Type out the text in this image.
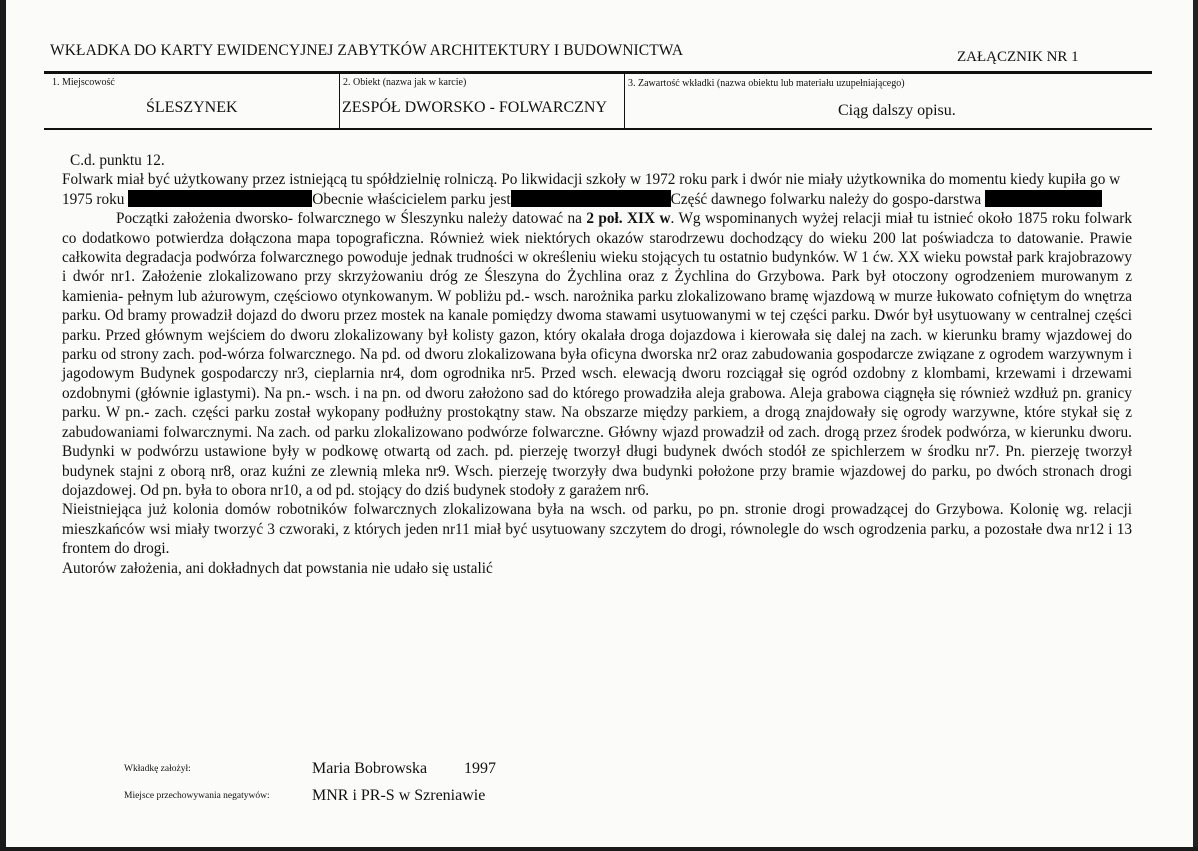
WKŁADKA DO KARTY EWIDENCYJNEJ ZABYTKÓW ARCHITEKTURY I BUDOWNICTWA	ZAŁĄCZNIK NR 1
1. Miejscowość
ŚLESZYNEK
2. Obiekt (nazwa jak w karcie)
ZESPÓŁ DWORSKO - FOLWARCZNY
3. Zawartość wkładki (nazwa obiektu lub materiału uzupełniającego)
Ciąg dalszy opisu.

C.d. punktu 12.

Folwark miał być użytkowany przez istniejącą tu spółdzielnię rolniczą. Po likwidacji szkoły w 1972 roku park i dwór nie miały użytkownika do momentu kiedy kupiła go w 1975 roku	Obecnie właścicielem parku jest	Część dawnego folwarku należy do gospo-darstwa

Początki założenia dworsko- folwarcznego w Śleszynku należy datować na 2 poł. XIX w. Wg wspominanych wyżej relacji miał tu istnieć około 1875 roku folwark co dodatkowo potwierdza dołączona mapa topograficzna. Również wiek niektórych okazów starodrzewu dochodzący do wieku 200 lat poświadcza to datowanie. Prawie całkowita degradacja podwórza folwarcznego powoduje jednak trudności w określeniu wieku stojących tu ostatnio budynków. W 1 ćw. XX wieku powstał park krajobrazowy i dwór nr1. Założenie zlokalizowano przy skrzyżowaniu dróg ze Śleszyna do Żychlina oraz z Żychlina do Grzybowa. Park był otoczony ogrodzeniem murowanym z kamienia- pełnym lub ażurowym, częściowo otynkowanym. W pobliżu pd.- wsch. narożnika parku zlokalizowano bramę wjazdową w murze łukowato cofniętym do wnętrza parku. Od bramy prowadził dojazd do dworu przez mostek na kanale pomiędzy dwoma stawami usytuowanymi w tej części parku. Dwór był usytuowany w centralnej części parku. Przed głównym wejściem do dworu zlokalizowany był kolisty gazon, który okalała droga dojazdowa i kierowała się dalej na zach. w kierunku bramy wjazdowej do parku od strony zach. pod-wórza folwarcznego. Na pd. od dworu zlokalizowana była oficyna dworska nr2 oraz zabudowania gospodarcze związane z ogrodem warzywnym i jagodowym Budynek gospodarczy nr3, cieplarnia nr4, dom ogrodnika nr5. Przed wsch. elewacją dworu rozciągał się ogród ozdobny z klombami, krzewami i drzewami ozdobnymi (głównie iglastymi). Na pn.- wsch. i na pn. od dworu założono sad do którego prowadziła aleja grabowa. Aleja grabowa ciągnęła się również wzdłuż pn. granicy parku. W pn.- zach. części parku został wykopany podłużny prostokątny staw. Na obszarze między parkiem, a drogą znajdowały się ogrody warzywne, które stykał się z zabudowaniami folwarcznymi. Na zach. od parku zlokalizowano podwórze folwarczne. Główny wjazd prowadził od zach. drogą przez środek podwórza, w kierunku dworu. Budynki w podwórzu ustawione były w podkowę otwartą od zach. pd. pierzeję tworzył długi budynek dwóch stodół ze spichlerzem w środku nr7. Pn. pierzeję tworzył budynek stajni z oborą nr8, oraz kuźni ze zlewnią mleka nr9. Wsch. pierzeję tworzyły dwa budynki położone przy bramie wjazdowej do parku, po dwóch stronach drogi dojazdowej. Od pn. była to obora nr10, a od pd. stojący do dziś budynek stodoły z garażem nr6.

Nieistniejąca już kolonia domów robotników folwarcznych zlokalizowana była na wsch. od parku, po pn. stronie drogi prowadzącej do Grzybowa. Kolonię wg. relacji mieszkańców wsi miały tworzyć 3 czworaki, z których jeden nr11 miał być usytuowany szczytem do drogi, równolegle do wsch ogrodzenia parku, a pozostałe dwa nr12 i 13 frontem do drogi.

Autorów założenia, ani dokładnych dat powstania nie udało się ustalić

Wkładkę założył:	Maria Bobrowska 1997
Miejsce przechowywania negatywów:	MNR i PR-S w Szreniawie
